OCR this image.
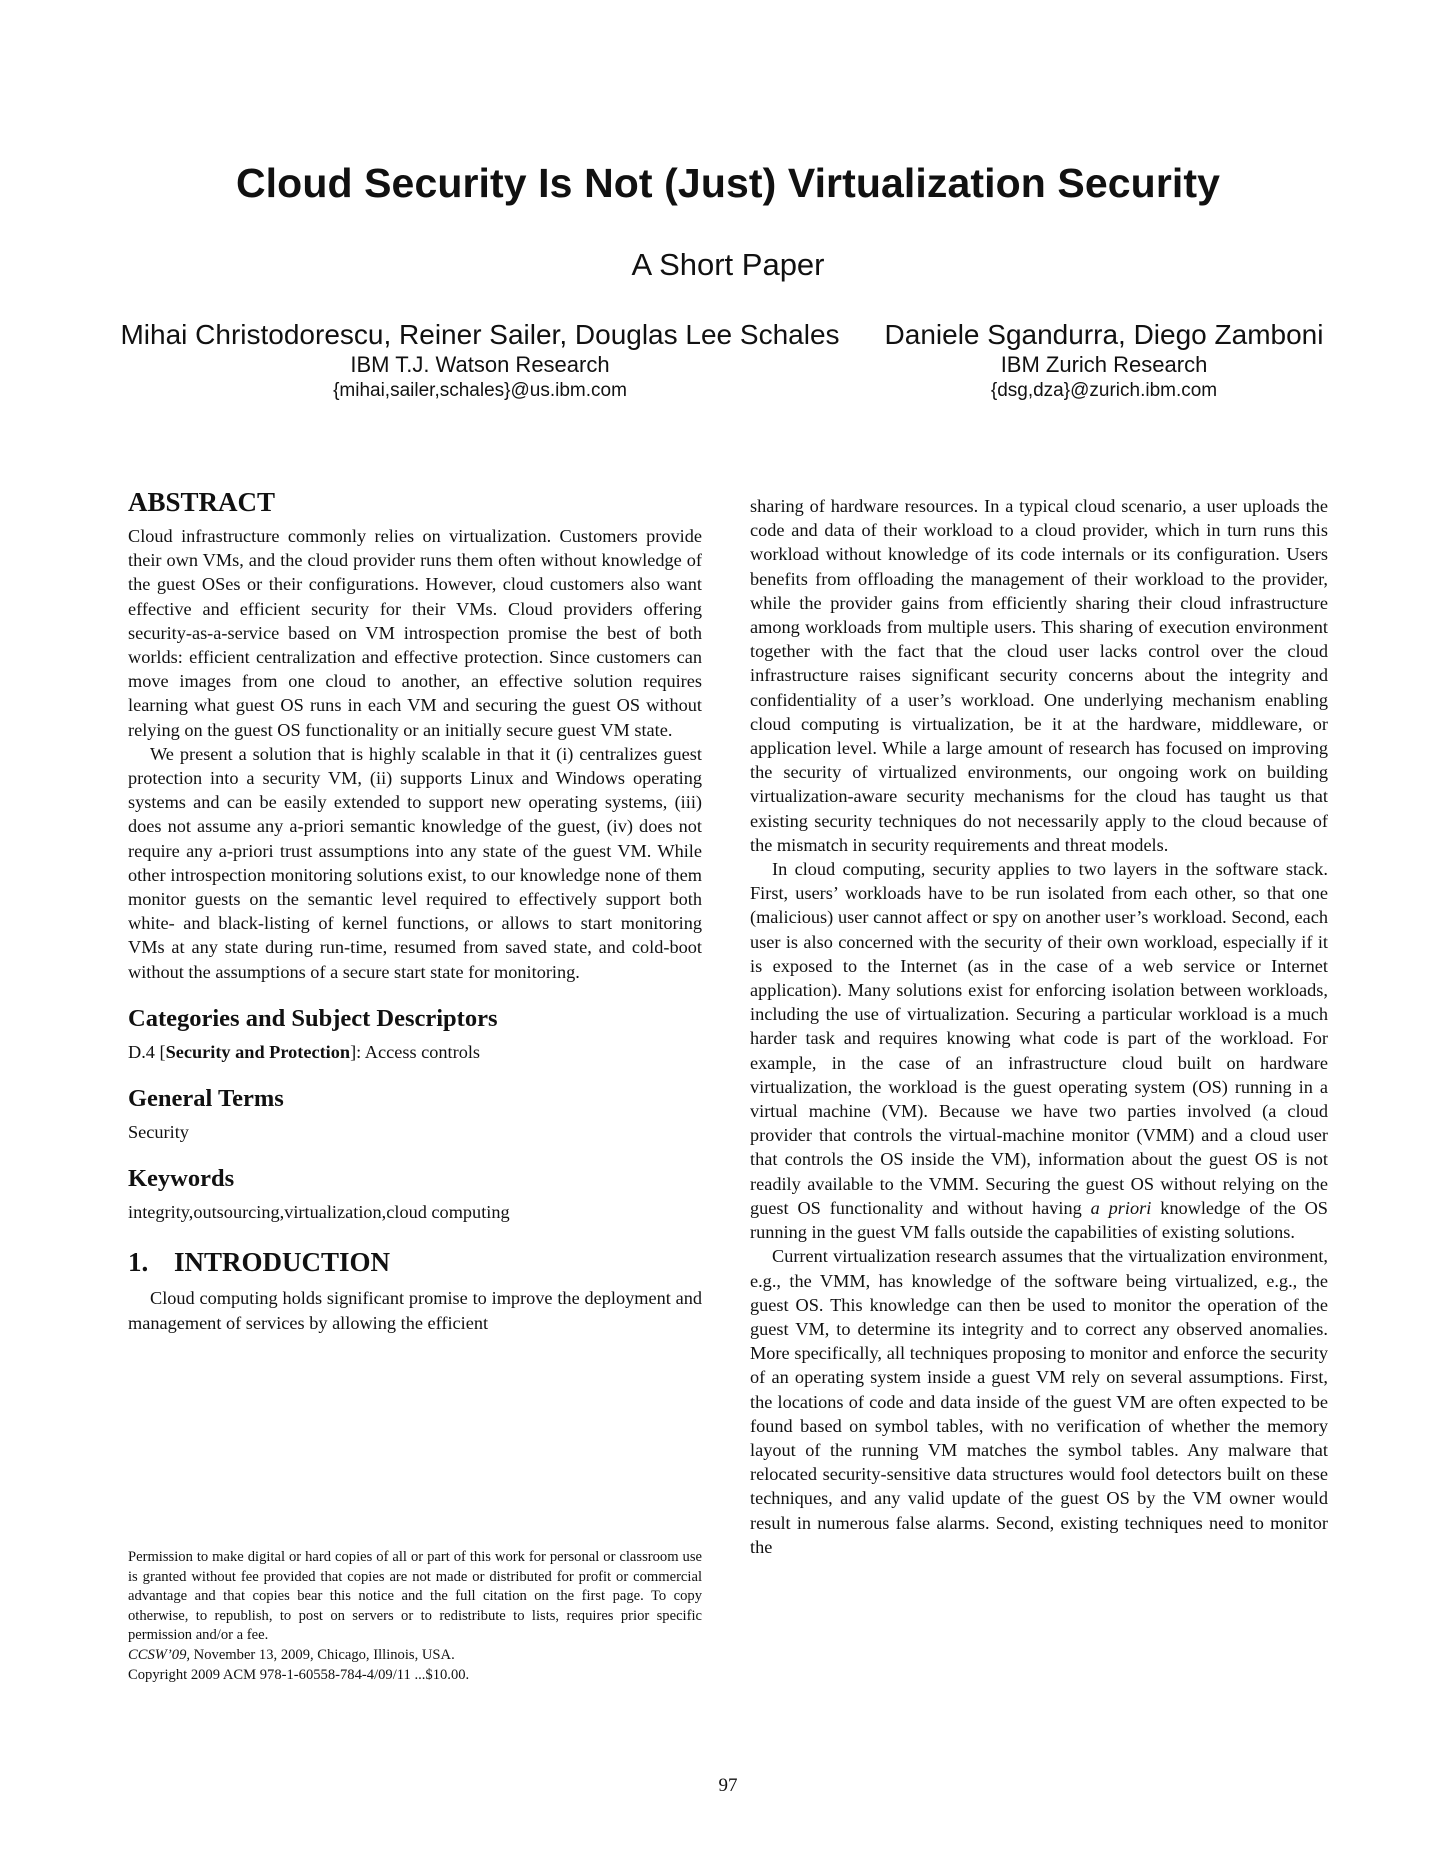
Cloud Security Is Not (Just) Virtualization Security
A Short Paper
Mihai Christodorescu, Reiner Sailer, Douglas Lee Schales
IBM T.J. Watson Research
{mihai,sailer,schales}@us.ibm.com
Daniele Sgandurra, Diego Zamboni
IBM Zurich Research
{dsg,dza}@zurich.ibm.com
ABSTRACT

Cloud infrastructure commonly relies on virtualization. Customers provide their own VMs, and the cloud provider runs them often without knowledge of the guest OSes or their configurations. However, cloud customers also want effective and efficient security for their VMs. Cloud providers offering security-as-a-service based on VM introspection promise the best of both worlds: efficient centralization and effective protection. Since customers can move images from one cloud to another, an effective solution requires learning what guest OS runs in each VM and securing the guest OS without relying on the guest OS functionality or an initially secure guest VM state.

We present a solution that is highly scalable in that it (i) centralizes guest protection into a security VM, (ii) supports Linux and Windows operating systems and can be easily extended to support new operating systems, (iii) does not assume any a-priori semantic knowledge of the guest, (iv) does not require any a-priori trust assumptions into any state of the guest VM. While other introspection monitoring solutions exist, to our knowledge none of them monitor guests on the semantic level required to effectively support both white- and black-listing of kernel functions, or allows to start monitoring VMs at any state during run-time, resumed from saved state, and cold-boot without the assumptions of a secure start state for monitoring.

Categories and Subject Descriptors

D.4 [Security and Protection]: Access controls

General Terms

Security

Keywords

integrity,outsourcing,virtualization,cloud computing

1. INTRODUCTION

Cloud computing holds significant promise to improve the deployment and management of services by allowing the efficient

sharing of hardware resources. In a typical cloud scenario, a user uploads the code and data of their workload to a cloud provider, which in turn runs this workload without knowledge of its code internals or its configuration. Users benefits from offloading the management of their workload to the provider, while the provider gains from efficiently sharing their cloud infrastructure among workloads from multiple users. This sharing of execution environment together with the fact that the cloud user lacks control over the cloud infrastructure raises significant security concerns about the integrity and confidentiality of a user’s workload. One underlying mechanism enabling cloud computing is virtualization, be it at the hardware, middleware, or application level. While a large amount of research has focused on improving the security of virtualized environments, our ongoing work on building virtualization-aware security mechanisms for the cloud has taught us that existing security techniques do not necessarily apply to the cloud because of the mismatch in security requirements and threat models.

In cloud computing, security applies to two layers in the software stack. First, users’ workloads have to be run isolated from each other, so that one (malicious) user cannot affect or spy on another user’s workload. Second, each user is also concerned with the security of their own workload, especially if it is exposed to the Internet (as in the case of a web service or Internet application). Many solutions exist for enforcing isolation between workloads, including the use of virtualization. Securing a particular workload is a much harder task and requires knowing what code is part of the workload. For example, in the case of an infrastructure cloud built on hardware virtualization, the workload is the guest operating system (OS) running in a virtual machine (VM). Because we have two parties involved (a cloud provider that controls the virtual-machine monitor (VMM) and a cloud user that controls the OS inside the VM), information about the guest OS is not readily available to the VMM. Securing the guest OS without relying on the guest OS functionality and without having a priori knowledge of the OS running in the guest VM falls outside the capabilities of existing solutions.

Current virtualization research assumes that the virtualization environment, e.g., the VMM, has knowledge of the software being virtualized, e.g., the guest OS. This knowledge can then be used to monitor the operation of the guest VM, to determine its integrity and to correct any observed anomalies. More specifically, all techniques proposing to monitor and enforce the security of an operating system inside a guest VM rely on several assumptions. First, the locations of code and data inside of the guest VM are often expected to be found based on symbol tables, with no verification of whether the memory layout of the running VM matches the symbol tables. Any malware that relocated security-sensitive data structures would fool detectors built on these techniques, and any valid update of the guest OS by the VM owner would result in numerous false alarms. Second, existing techniques need to monitor the

Permission to make digital or hard copies of all or part of this work for personal or classroom use is granted without fee provided that copies are not made or distributed for profit or commercial advantage and that copies bear this notice and the full citation on the first page. To copy otherwise, to republish, to post on servers or to redistribute to lists, requires prior specific permission and/or a fee.

CCSW’09, November 13, 2009, Chicago, Illinois, USA.

Copyright 2009 ACM 978-1-60558-784-4/09/11 ...$10.00.

97
